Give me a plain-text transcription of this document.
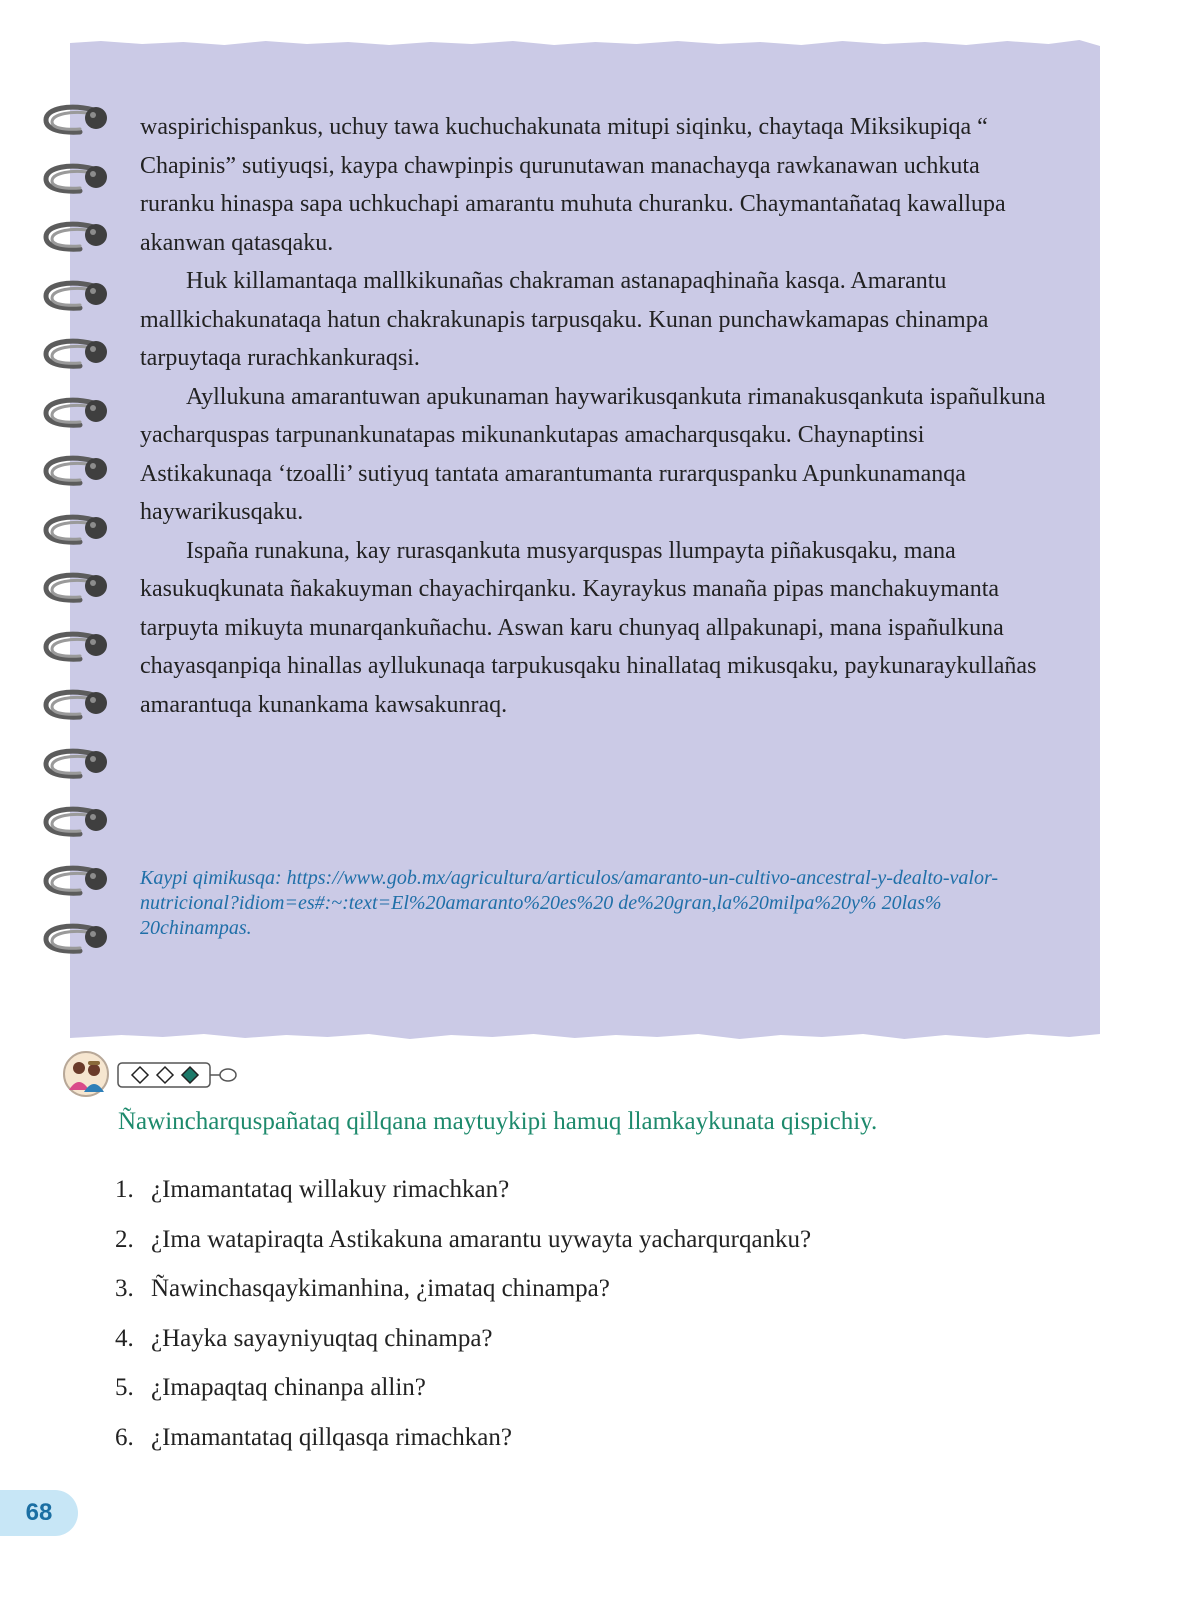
waspirichispankus, uchuy tawa kuchuchakunata mitupi siqinku, chaytaqa Miksikupiqa “ Chapinis” sutiyuqsi, kaypa chawpinpis qurunutawan manachayqa rawkanawan uchkuta ruranku hinaspa sapa uchkuchapi amarantu muhuta churanku. Chaymantañataq kawallupa akanwan qatasqaku.

Huk killamantaqa mallkikunañas chakraman astanapaqhinaña kasqa. Amarantu mallkichakunataqa hatun chakrakunapis tarpusqaku. Kunan punchawkamapas chinampa tarpuytaqa rurachkankuraqsi.

Ayllukuna amarantuwan apukunaman haywarikusqankuta rimanakusqankuta ispañulkuna yacharquspas tarpunankunatapas mikunankutapas amacharqusqaku. Chaynaptinsi Astikakunaqa ‘tzoalli’ sutiyuq tantata amarantumanta rurarquspanku Apunkunamanqa haywarikusqaku.

Ispaña runakuna, kay rurasqankuta musyarquspas llumpayta piñakusqaku, mana kasukuqkunata ñakakuyman chayachirqanku. Kayraykus manaña pipas manchakuymanta tarpuyta mikuyta munarqankuñachu. Aswan karu chunyaq allpakunapi, mana ispañulkuna chayasqanpiqa hinallas ayllukunaqa tarpukusqaku hinallataq mikusqaku, paykunaraykullañas amarantuqa kunankama kawsakunraq.

Kaypi qimikusqa: https://www.gob.mx/agricultura/articulos/amaranto-un-cultivo-ancestral-y-dealto-valor-nutricional?idiom=es#:~:text=El%20amaranto%20es%20 de%20gran,la%20milpa%20y% 20las% 20chinampas.

Ñawincharquspañataq qillqana maytuykipi hamuq llamkaykunata qispichiy.

1. ¿Imamantataq willakuy rimachkan?
2. ¿Ima watapiraqta Astikakuna amarantu uywayta yacharqurqanku?
3. Ñawinchasqaykimanhina, ¿imataq chinampa?
4. ¿Hayka sayayniyuqtaq chinampa?
5. ¿Imapaqtaq chinanpa allin?
6. ¿Imamantataq qillqasqa rimachkan?
68
